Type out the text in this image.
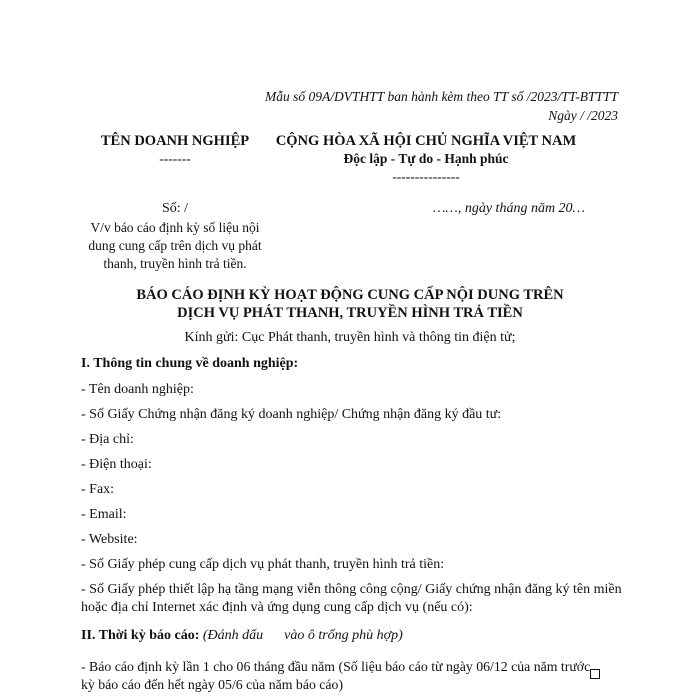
Mẫu số 09A/DVTHTT ban hành kèm theo TT số /2023/TT-BTTTT
Ngày / /2023
TÊN DOANH NGHIỆP
-------
Số: /
V/v báo cáo định kỳ số liệu nội
dung cung cấp trên dịch vụ phát
thanh, truyền hình trả tiền.
CỘNG HÒA XÃ HỘI CHỦ NGHĨA VIỆT NAM
Độc lập - Tự do - Hạnh phúc
---------------
……, ngày tháng năm 20…
BÁO CÁO ĐỊNH KỲ HOẠT ĐỘNG CUNG CẤP NỘI DUNG TRÊN
DỊCH VỤ PHÁT THANH, TRUYỀN HÌNH TRẢ TIỀN
Kính gửi: Cục Phát thanh, truyền hình và thông tin điện tử;
I. Thông tin chung về doanh nghiệp:
- Tên doanh nghiệp:
- Số Giấy Chứng nhận đăng ký doanh nghiệp/ Chứng nhận đăng ký đầu tư:
- Địa chỉ:
- Điện thoại:
- Fax:
- Email:
- Website:
- Số Giấy phép cung cấp dịch vụ phát thanh, truyền hình trả tiền:
- Số Giấy phép thiết lập hạ tầng mạng viễn thông công cộng/ Giấy chứng nhận đăng ký tên miền
hoặc địa chỉ Internet xác định và ứng dụng cung cấp dịch vụ (nếu có):
II. Thời kỳ báo cáo: (Đánh dấu      vào ô trống phù hợp)
- Báo cáo định kỳ lần 1 cho 06 tháng đầu năm (Số liệu báo cáo từ ngày 06/12 của năm trước
kỳ báo cáo đến hết ngày 05/6 của năm báo cáo)
